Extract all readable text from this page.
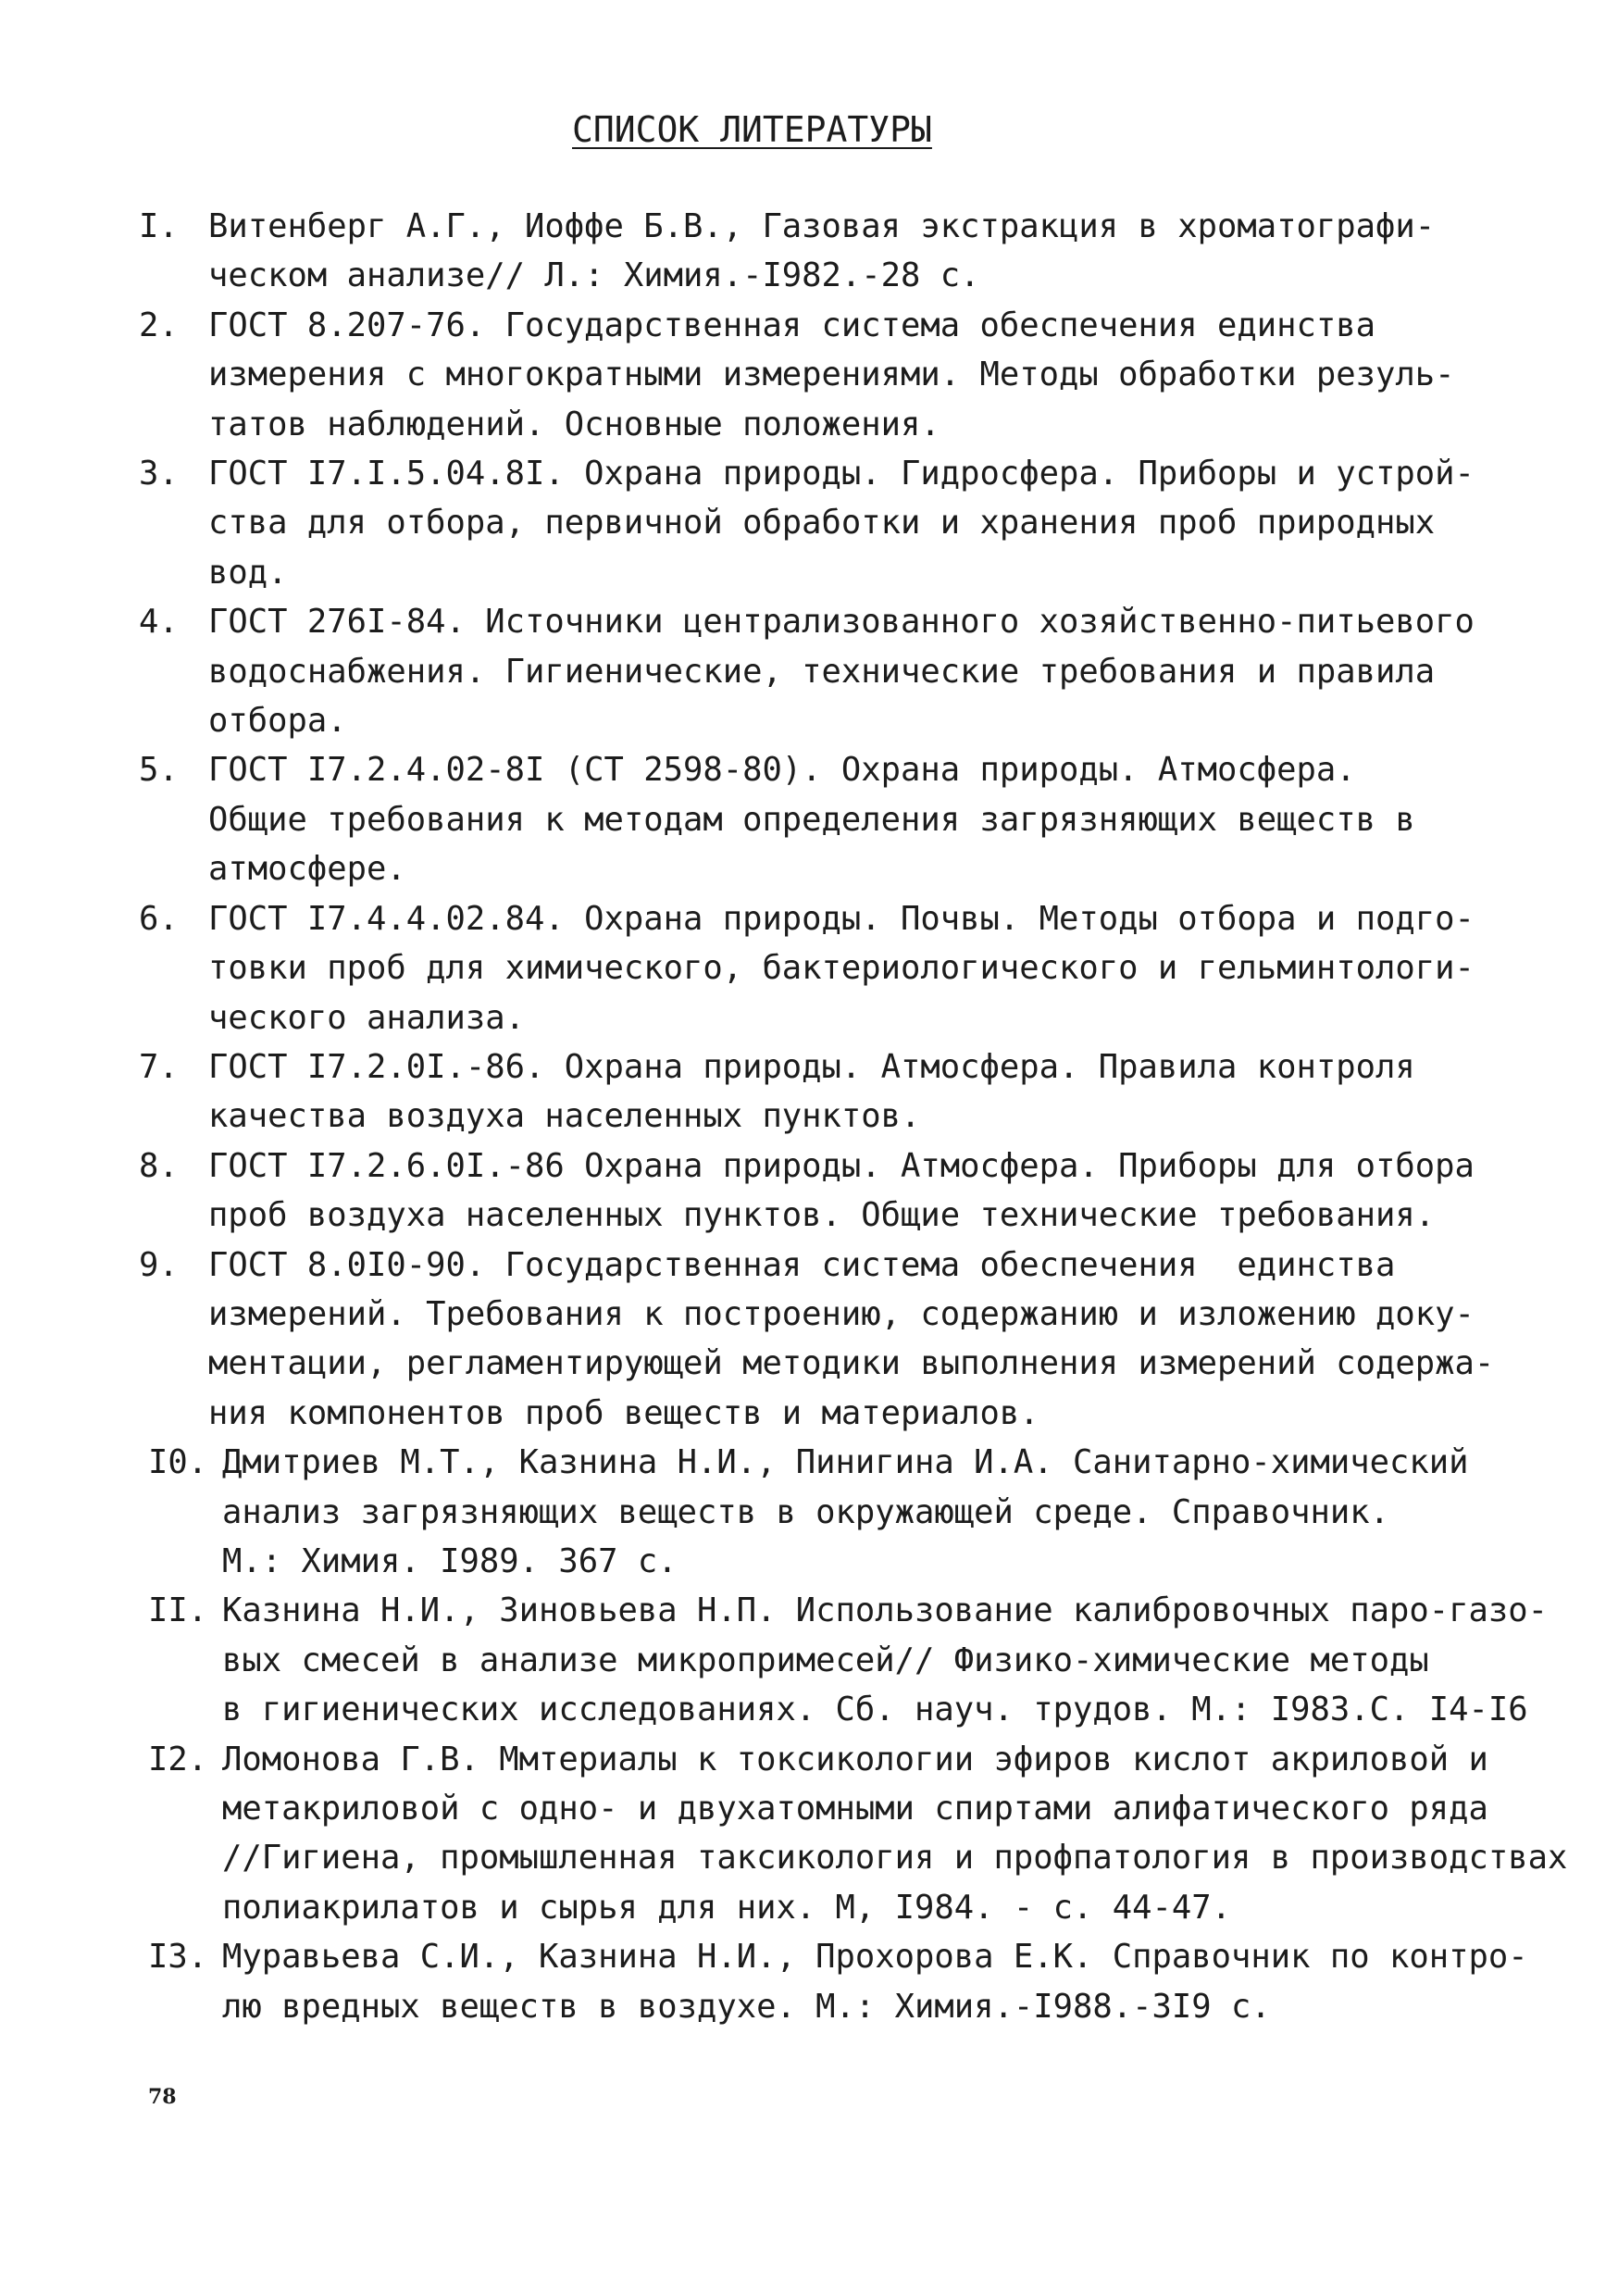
СПИСОК ЛИТЕРАТУРЫ
I. Витенберг А.Г., Иоффе Б.В., Газовая экстракция в хроматографи-
ческом анализе// Л.: Химия.-I982.-28 с.
2. ГОСТ 8.207-76. Государственная система обеспечения единства
измерения с многократными измерениями. Методы обработки резуль-
татов наблюдений. Основные положения.
3. ГОСТ I7.I.5.04.8I. Охрана природы. Гидросфера. Приборы и устрой-
ства для отбора, первичной обработки и хранения проб природных
вод.
4. ГОСТ 276I-84. Источники централизованного хозяйственно-питьевого
водоснабжения. Гигиенические, технические требования и правила
отбора.
5. ГОСТ I7.2.4.02-8I (СТ 2598-80). Охрана природы. Атмосфера.
Общие требования к методам определения загрязняющих веществ в
атмосфере.
6. ГОСТ I7.4.4.02.84. Охрана природы. Почвы. Методы отбора и подго-
товки проб для химического, бактериологического и гельминтологи-
ческого анализа.
7. ГОСТ I7.2.0I.-86. Охрана природы. Атмосфера. Правила контроля
качества воздуха населенных пунктов.
8. ГОСТ I7.2.6.0I.-86 Охрана природы. Атмосфера. Приборы для отбора
проб воздуха населенных пунктов. Общие технические требования.
9. ГОСТ 8.0I0-90. Государственная система обеспечения  единства
измерений. Требования к построению, содержанию и изложению доку-
ментации, регламентирующей методики выполнения измерений содержа-
ния компонентов проб веществ и материалов.
I0. Дмитриев М.Т., Казнина Н.И., Пинигина И.А. Санитарно-химический
анализ загрязняющих веществ в окружающей среде. Справочник.
М.: Химия. I989. 367 с.
II. Казнина Н.И., Зиновьева Н.П. Использование калибровочных паро-газо-
вых смесей в анализе микропримесей// Физико-химические методы
в гигиенических исследованиях. Сб. науч. трудов. М.: I983.С. I4-I6
I2. Ломонова Г.В. Ммтериалы к токсикологии эфиров кислот акриловой и
метакриловой с одно- и двухатомными спиртами алифатического ряда
//Гигиена, промышленная таксикология и профпатология в производствах
полиакрилатов и сырья для них. М, I984. - с. 44-47.
I3. Муравьева С.И., Казнина Н.И., Прохорова Е.К. Справочник по контро-
лю вредных веществ в воздухе. М.: Химия.-I988.-3I9 с.
78
